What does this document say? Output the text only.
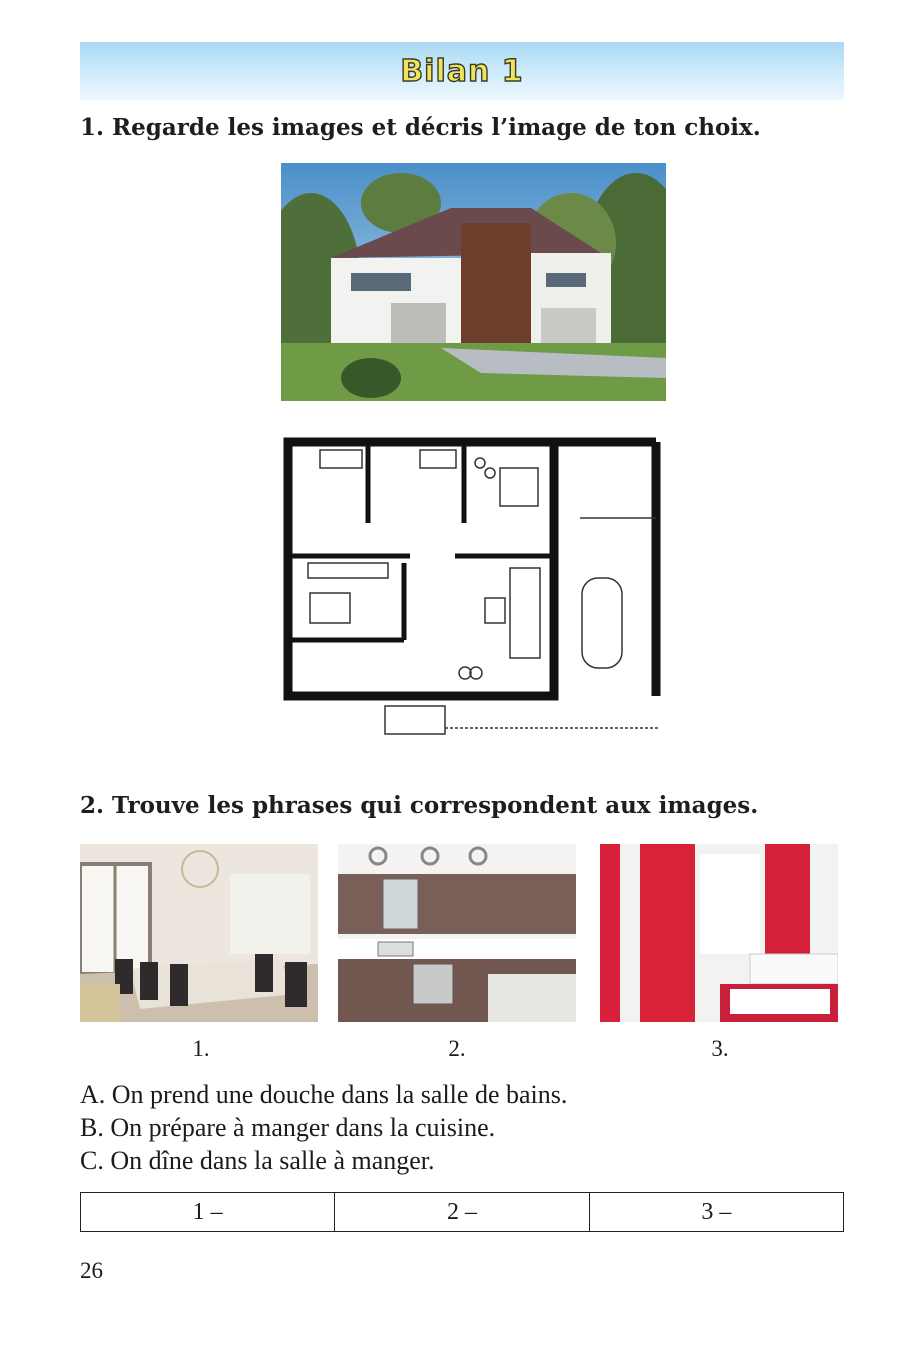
Bilan 1
1. Regarde les images et décris l’image de ton choix.
2. Trouve les phrases qui correspondent aux images.
1.	2.	3.
A. On prend une douche dans la salle de bains.
B. On prépare à manger dans la cuisine.
C. On dîne dans la salle à manger.
1 –	2 –	3 –
26
